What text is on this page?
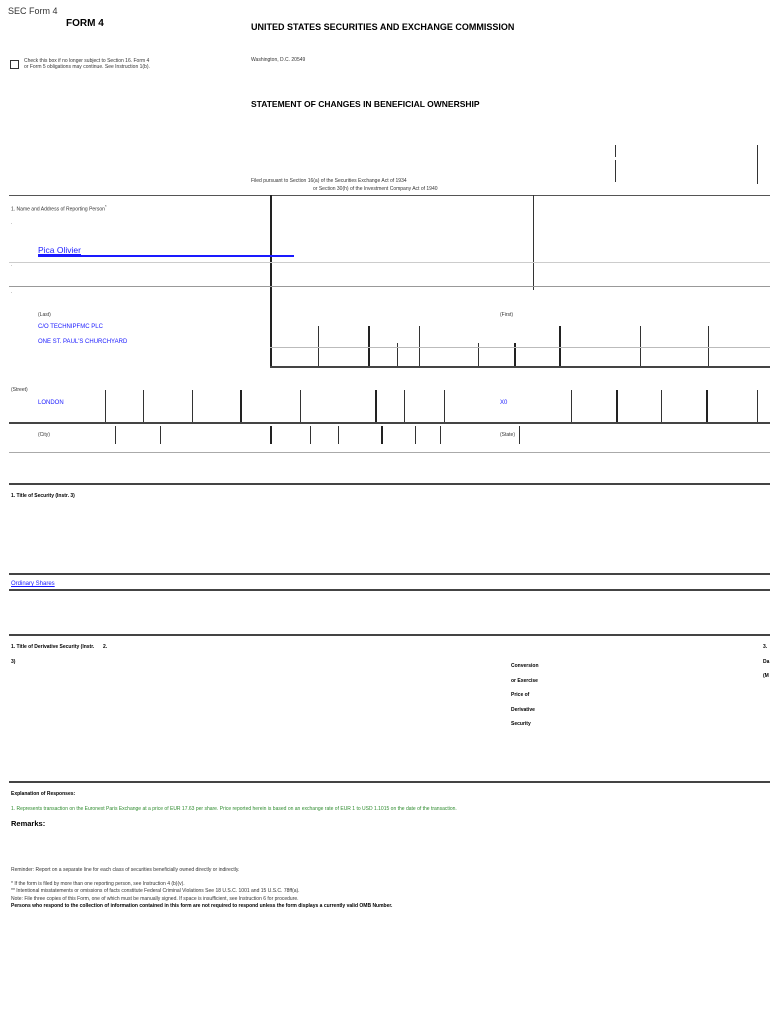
SEC Form 4
FORM 4	UNITED STATES SECURITIES AND EXCHANGE COMMISSION
Check this box if no longer subject to Section 16. Form 4
or Form 5 obligations may continue. See Instruction 1(b).
Washington, D.C. 20549
STATEMENT OF CHANGES IN BENEFICIAL OWNERSHIP
Filed pursuant to Section 16(a) of the Securities Exchange Act of 1934
or Section 30(h) of the Investment Company Act of 1940
1. Name and Address of Reporting Person*
.
.
.
Pica Olivier
(Last)	(First)
C/O TECHNIPFMC PLC
ONE ST. PAUL'S CHURCHYARD
(Street)
LONDON	X0
(City)	(State)
1. Title of Security (Instr. 3)
Ordinary Shares
1. Title of Derivative Security (Instr. 2.
3)
3.
Da
(M
Conversion
or Exercise
Price of
Derivative
Security
Explanation of Responses:
1. Represents transaction on the Euronext Paris Exchange at a price of EUR 17.63 per share. Price reported herein is based on an exchange rate of EUR 1 to USD 1.1015 on the date of the transaction.
Remarks:
Reminder: Report on a separate line for each class of securities beneficially owned directly or indirectly.
* If the form is filed by more than one reporting person, see Instruction 4 (b)(v).
** Intentional misstatements or omissions of facts constitute Federal Criminal Violations See 18 U.S.C. 1001 and 15 U.S.C. 78ff(a).
Note: File three copies of this Form, one of which must be manually signed. If space is insufficient, see Instruction 6 for procedure.
Persons who respond to the collection of information contained in this form are not required to respond unless the form displays a currently valid OMB Number.
